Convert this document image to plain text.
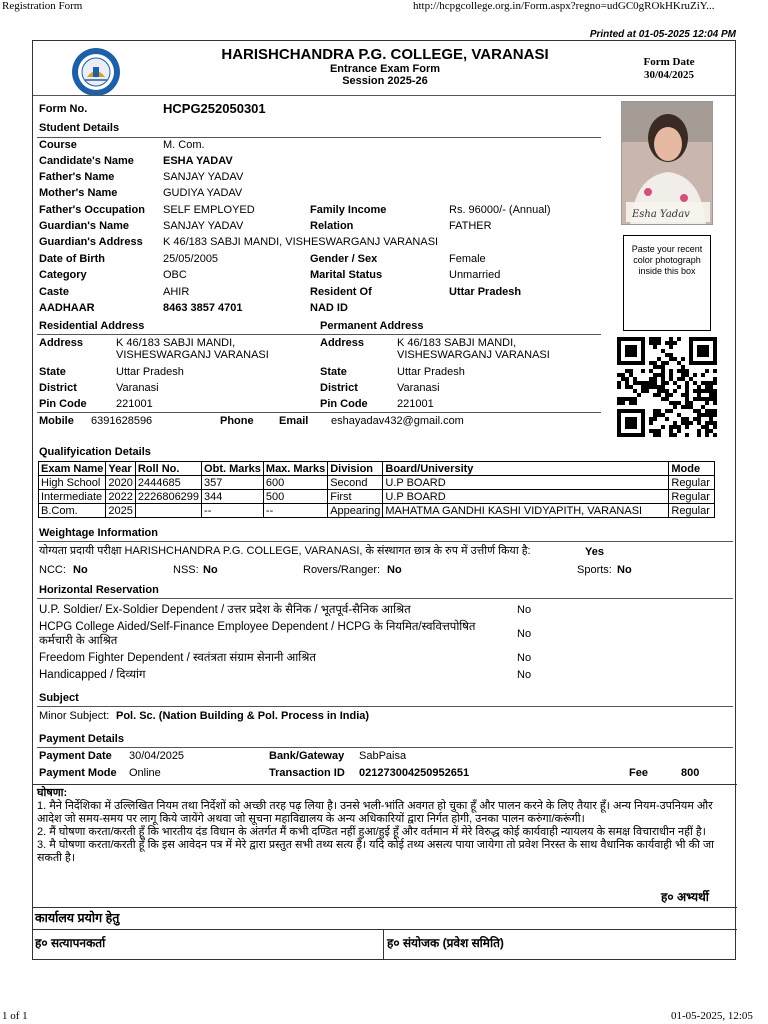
Registration Form	http://hcpgcollege.org.in/Form.aspx?regno=udGC0gROkHKruZiY...
1 of 1	01-05-2025, 12:05
Printed at 01-05-2025 12:04 PM
HARISHCHANDRA P.G. COLLEGE, VARANASI
Entrance Exam Form
Session 2025-26
Form Date
30/04/2025
Form No.	HCPG252050301
Student Details
Course	M. Com.
Candidate's Name	ESHA YADAV
Father's Name	SANJAY YADAV
Mother's Name	GUDIYA YADAV
Father's Occupation SELF EMPLOYED	Family Income	Rs. 96000/- (Annual)
Guardian's Name	SANJAY YADAV	Relation	FATHER
Guardian's Address K 46/183 SABJI MANDI, VISHESWARGANJ VARANASI
Date of Birth	25/05/2005	Gender / Sex	Female
Category	OBC	Marital Status	Unmarried
Caste	AHIR	Resident Of	Uttar Pradesh
AADHAAR	8463 3857 4701	NAD ID
Esha Yadav
Paste your recent color photograph inside this box
Residential Address	Permanent Address
Address	K 46/183 SABJI MANDI,
VISHESWARGANJ VARANASI
Address	K 46/183 SABJI MANDI,
VISHESWARGANJ VARANASI
State	Uttar Pradesh	State	Uttar Pradesh
District	Varanasi	District	Varanasi
Pin Code	221001	Pin Code	221001
Mobile 6391628596	Phone Email eshayadav432@gmail.com
Qualifyication Details
Exam Name	Year	Roll No.	Obt. Marks	Max. Marks	Division	Board/University	Mode
High School	2020	2444685	357	600	Second	U.P BOARD	Regular
Intermediate	2022	2226806299	344	500	First	U.P BOARD	Regular
B.Com.	2025		--	--	Appearing	MAHATMA GANDHI KASHI VIDYAPITH, VARANASI	Regular
Weightage Information
योग्यता प्रदायी परीक्षा HARISHCHANDRA P.G. COLLEGE, VARANASI, के संस्थागत छात्र के रुप में उत्तीर्ण किया है:	Yes
NCC: No	NSS: No	Rovers/Ranger: No	Sports: No
Horizontal Reservation
U.P. Soldier/ Ex-Soldier Dependent / उत्तर प्रदेश के सैनिक / भूतपूर्व-सैनिक आश्रित	No
HCPG College Aided/Self-Finance Employee Dependent / HCPG के नियमित/स्ववित्तपोषित
कर्मचारी के आश्रित
No
Freedom Fighter Dependent / स्वतंत्रता संग्राम सेनानी आश्रित	No
Handicapped / दिव्यांग	No
Subject
Minor Subject: Pol. Sc. (Nation Building & Pol. Process in India)
Payment Details
Payment Date 30/04/2025	Bank/Gateway SabPaisa
Payment Mode Online	Transaction ID 021273004250952651	Fee	800
घोषणा:
1. मैने निर्देशिका में उल्लिखित नियम तथा निर्देशों को अच्छी तरह पढ़ लिया है। उनसे भली-भांति अवगत हो चुका हूँ और पालन करने के लिए तैयार हूँ। अन्य नियम-उपनियम और आदेश जो समय-समय पर लागू किये जायेंगे अथवा जो सूचना महाविद्यालय के अन्य अधिकारियों द्वारा निर्गत होगी, उनका पालन करुंगा/करूंगी।
2. मैं घोषणा करता/करती हूँ कि भारतीय दंड विधान के अंतर्गत मैं कभी दण्डित नहीं हुआ/हुई हूँ और वर्तमान में मेरे विरुद्ध कोई कार्यवाही न्यायलय के समक्ष विचाराधीन नहीं है।
3. मै घोषणा करता/करती हूँ कि इस आवेदन पत्र में मेरे द्वारा प्रस्तुत सभी तथ्य सत्य हैं। यदि कोई तथ्य असत्य पाया जायेगा तो प्रवेश निरस्त के साथ वैधानिक कार्यवाही भी की जा सकती है।
ह० अभ्यर्थी
कार्यालय प्रयोग हेतु
ह० सत्यापनकर्ता	ह० संयोजक (प्रवेश समिति)
